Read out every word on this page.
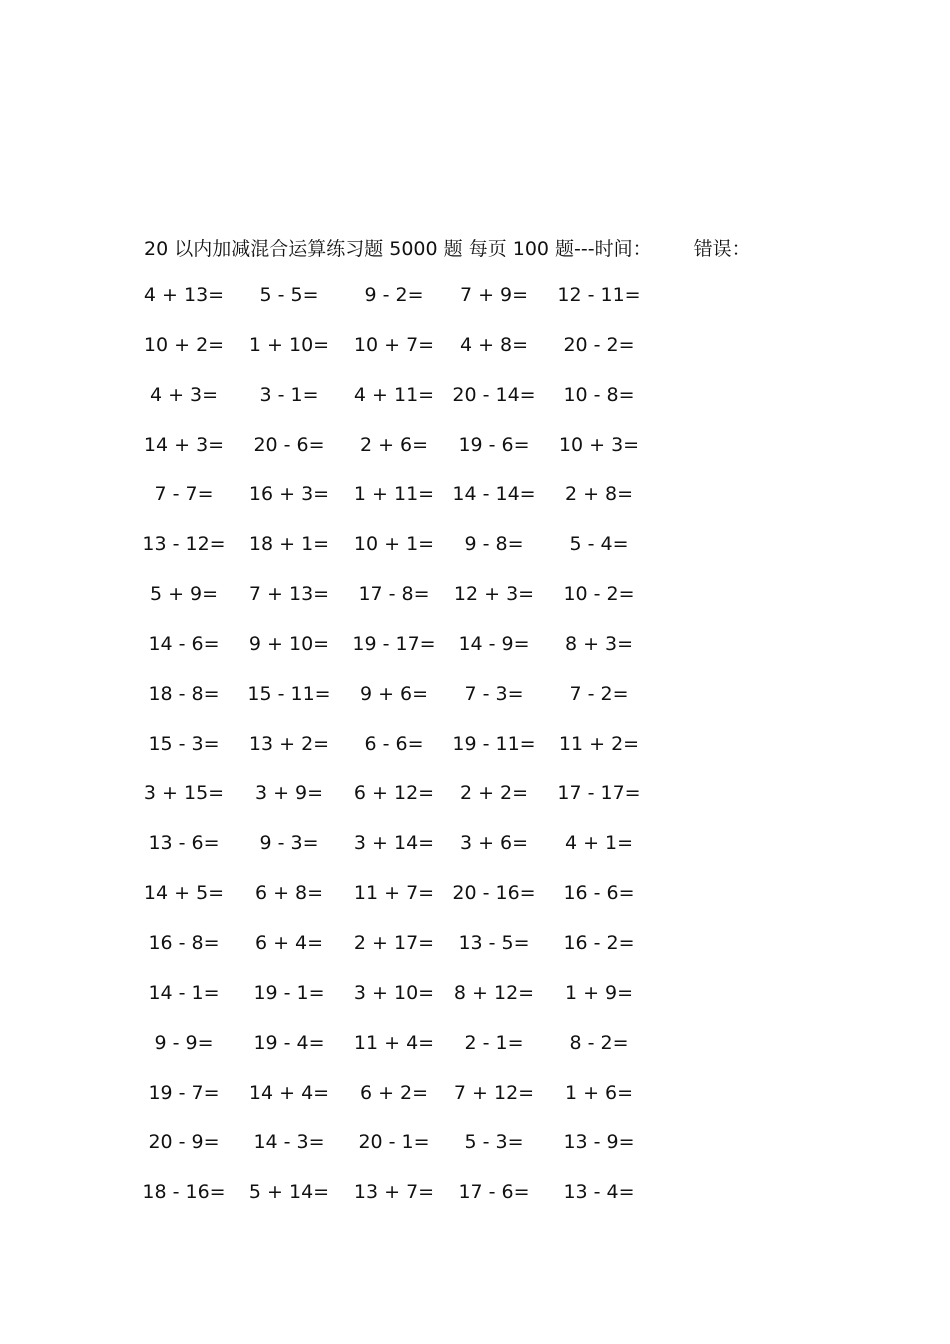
20 以内加减混合运算练习题 5000 题 每页 100 题---时间： 错误：
4 + 13=	5 - 5=	9 - 2=	7 + 9=	12 - 11=
10 + 2=	1 + 10=	10 + 7=	4 + 8=	20 - 2=
4 + 3=	3 - 1=	4 + 11= 20 - 14=	10 - 8=
14 + 3=	20 - 6=	2 + 6=	19 - 6=	10 + 3=
7 - 7=	16 + 3=	1 + 11= 14 - 14=	2 + 8=
13 - 12=	18 + 1=	10 + 1=	9 - 8=	5 - 4=
5 + 9=	7 + 13=	17 - 8=	12 + 3=	10 - 2=
14 - 6=	9 + 10=	19 - 17=	14 - 9=	8 + 3=
18 - 8=	15 - 11=	9 + 6=	7 - 3=	7 - 2=
15 - 3=	13 + 2=	6 - 6=	19 - 11=	11 + 2=
3 + 15=	3 + 9=	6 + 12=	2 + 2=	17 - 17=
13 - 6=	9 - 3=	3 + 14=	3 + 6=	4 + 1=
14 + 5=	6 + 8=	11 + 7= 20 - 16=	16 - 6=
16 - 8=	6 + 4=	2 + 17=	13 - 5=	16 - 2=
14 - 1=	19 - 1=	3 + 10=	8 + 12=	1 + 9=
9 - 9=	19 - 4=	11 + 4=	2 - 1=	8 - 2=
19 - 7=	14 + 4=	6 + 2=	7 + 12=	1 + 6=
20 - 9=	14 - 3=	20 - 1=	5 - 3=	13 - 9=
18 - 16=	5 + 14=	13 + 7=	17 - 6=	13 - 4=
